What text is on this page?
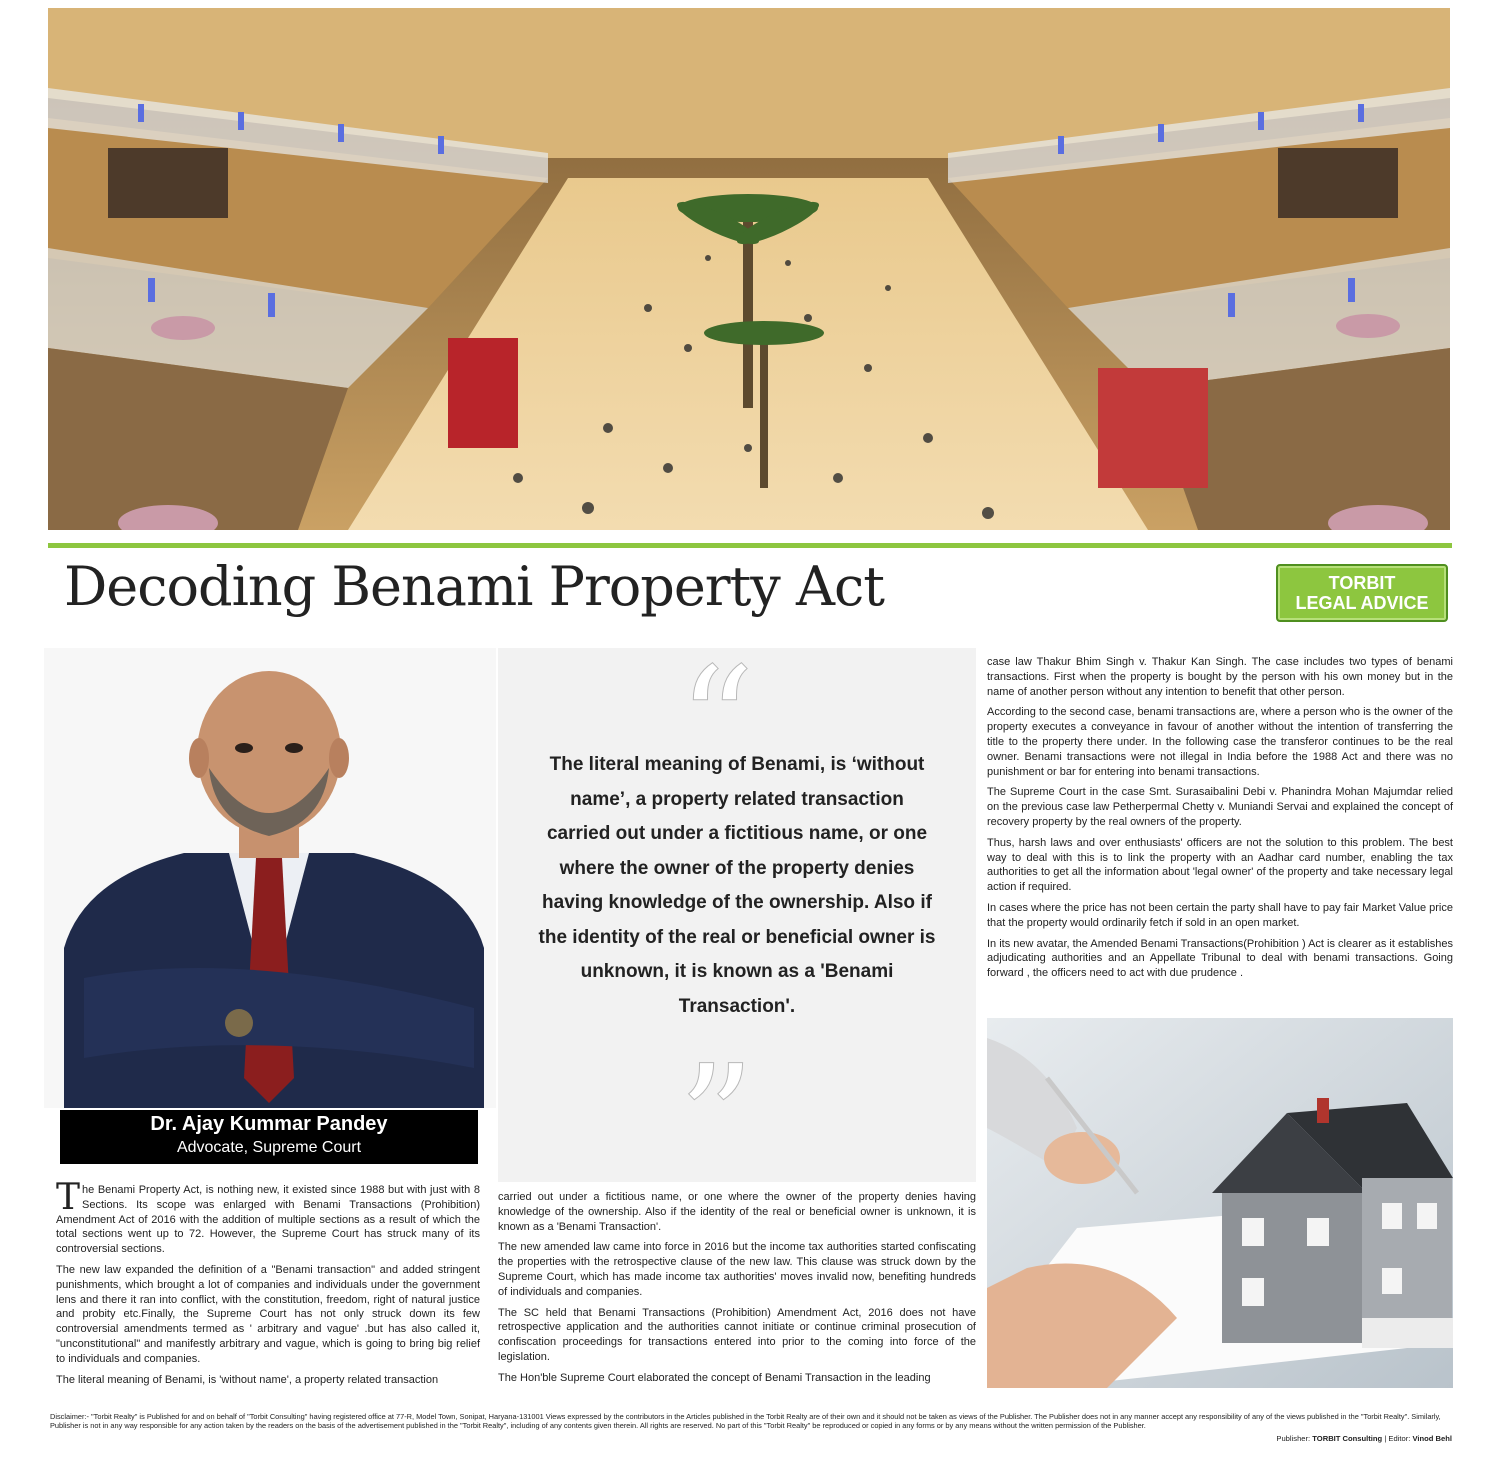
Decoding Benami Property Act	TORBIT
LEGAL ADVICE
Dr. Ajay Kummar Pandey
Advocate, Supreme Court
“
The literal meaning of Benami, is ‘without name’, a property related transaction carried out under a fictitious name, or one where the owner of the property denies having knowledge of the ownership. Also if the identity of the real or beneficial owner is unknown, it is known as a 'Benami Transaction'.
”

The Benami Property Act, is nothing new, it existed since 1988 but with just with 8 Sections. Its scope was enlarged with Benami Transactions (Prohibition) Amendment Act of 2016 with the addition of multiple sections as a result of which the total sections went up to 72. However, the Supreme Court has struck many of its controversial sections.

The new law expanded the definition of a "Benami transaction" and added stringent punishments, which brought a lot of companies and individuals under the government lens and there it ran into conflict, with the constitution, freedom, right of natural justice and probity etc.Finally, the Supreme Court has not only struck down its few controversial amendments termed as ' arbitrary and vague' .but has also called it, "unconstitutional" and manifestly arbitrary and vague, which is going to bring big relief to individuals and companies.

The literal meaning of Benami, is 'without name', a property related transaction

carried out under a fictitious name, or one where the owner of the property denies having knowledge of the ownership. Also if the identity of the real or beneficial owner is unknown, it is known as a 'Benami Transaction'.

The new amended law came into force in 2016 but the income tax authorities started confiscating the properties with the retrospective clause of the new law. This clause was struck down by the Supreme Court, which has made income tax authorities' moves invalid now, benefiting hundreds of individuals and companies.

The SC held that Benami Transactions (Prohibition) Amendment Act, 2016 does not have retrospective application and the authorities cannot initiate or continue criminal prosecution of confiscation proceedings for transactions entered into prior to the coming into force of the legislation.

The Hon'ble Supreme Court elaborated the concept of Benami Transaction in the leading

case law Thakur Bhim Singh v. Thakur Kan Singh. The case includes two types of benami transactions. First when the property is bought by the person with his own money but in the name of another person without any intention to benefit that other person.

According to the second case, benami transactions are, where a person who is the owner of the property executes a conveyance in favour of another without the intention of transferring the title to the property there under. In the following case the transferor continues to be the real owner. Benami transactions were not illegal in India before the 1988 Act and there was no punishment or bar for entering into benami transactions.

The Supreme Court in the case Smt. Surasaibalini Debi v. Phanindra Mohan Majumdar relied on the previous case law Petherpermal Chetty v. Muniandi Servai and explained the concept of recovery property by the real owners of the property.

Thus, harsh laws and over enthusiasts' officers are not the solution to this problem. The best way to deal with this is to link the property with an Aadhar card number, enabling the tax authorities to get all the information about 'legal owner' of the property and take necessary legal action if required.

In cases where the price has not been certain the party shall have to pay fair Market Value price that the property would ordinarily fetch if sold in an open market.

In its new avatar, the Amended Benami Transactions(Prohibition ) Act is clearer as it establishes adjudicating authorities and an Appellate Tribunal to deal with benami transactions. Going forward , the officers need to act with due prudence .

Disclaimer:- "Torbit Realty" is Published for and on behalf of "Torbit Consulting" having registered office at 77-R, Model Town, Sonipat, Haryana-131001 Views expressed by the contributors in the Articles published in the Torbit Realty are of their own and it should not be taken as views of the Publisher. The Publisher does not in any manner accept any responsibility of any of the views published in the "Torbit Realty". Similarly, Publisher is not in any way responsible for any action taken by the readers on the basis of the advertisement published in the "Torbit Realty", including of any contents given therein. All rights are reserved. No part of this "Torbit Realty" be reproduced or copied in any forms or by any means without the written permission of the Publisher.

Publisher: TORBIT Consulting | Editor: Vinod Behl
